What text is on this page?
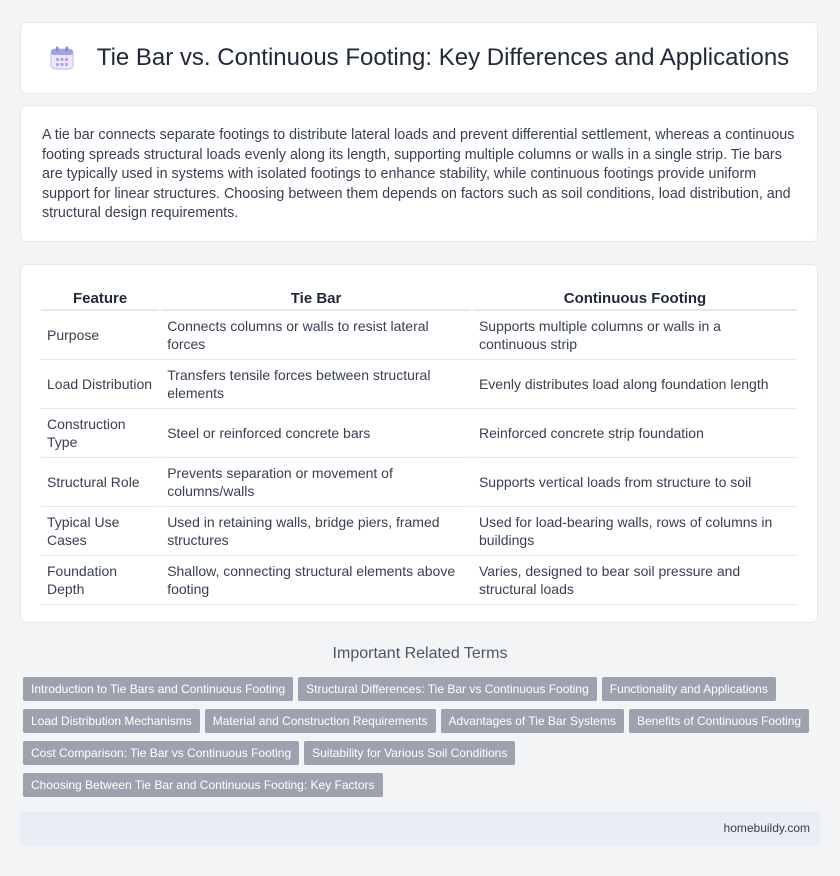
Tie Bar vs. Continuous Footing: Key Differences and Applications

A tie bar connects separate footings to distribute lateral loads and prevent differential settlement, whereas a continuous footing spreads structural loads evenly along its length, supporting multiple columns or walls in a single strip. Tie bars are typically used in systems with isolated footings to enhance stability, while continuous footings provide uniform support for linear structures. Choosing between them depends on factors such as soil conditions, load distribution, and structural design requirements.

Feature	Tie Bar	Continuous Footing
Purpose	Connects columns or walls to resist lateral forces	Supports multiple columns or walls in a continuous strip
Load Distribution	Transfers tensile forces between structural elements	Evenly distributes load along foundation length
Construction Type	Steel or reinforced concrete bars	Reinforced concrete strip foundation
Structural Role	Prevents separation or movement of columns/walls	Supports vertical loads from structure to soil
Typical Use Cases	Used in retaining walls, bridge piers, framed structures	Used for load-bearing walls, rows of columns in buildings
Foundation Depth	Shallow, connecting structural elements above footing	Varies, designed to bear soil pressure and structural loads
Important Related Terms
Introduction to Tie Bars and Continuous Footing Structural Differences: Tie Bar vs Continuous Footing Functionality and Applications
Load Distribution Mechanisms Material and Construction Requirements Advantages of Tie Bar Systems Benefits of Continuous Footing
Cost Comparison: Tie Bar vs Continuous Footing Suitability for Various Soil Conditions
Choosing Between Tie Bar and Continuous Footing: Key Factors
homebuildy.com
